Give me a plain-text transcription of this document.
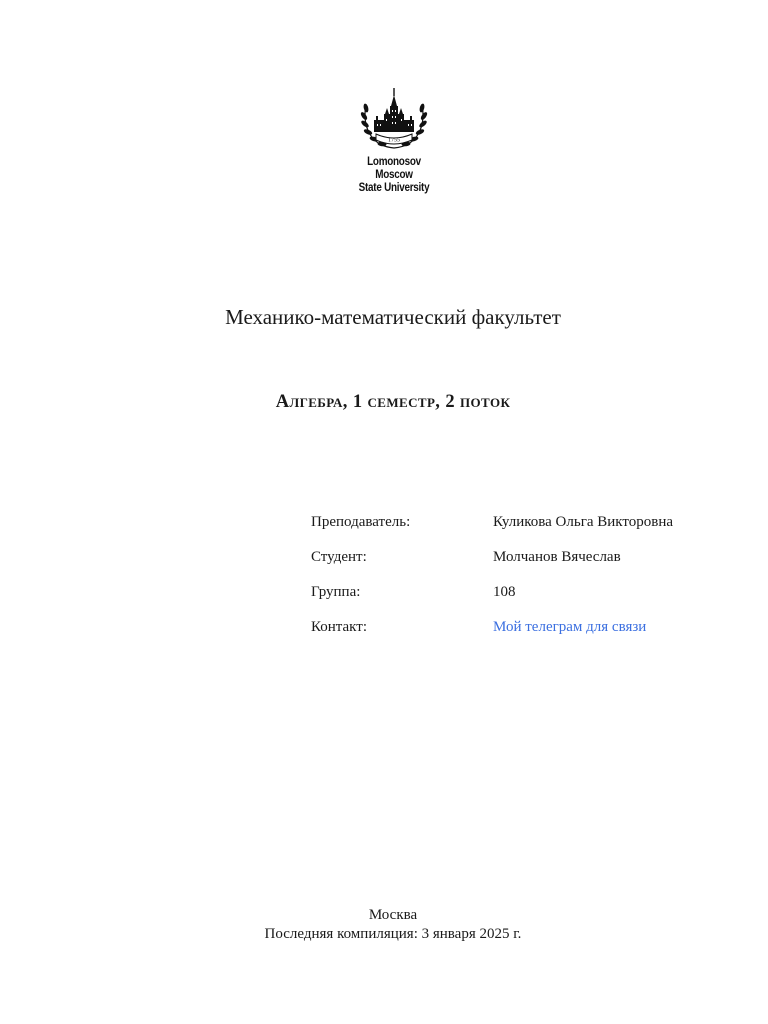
1755
Lomonosov Moscow
State University
Механико-математический факультет
Алгебра, 1 семестр, 2 поток
Преподаватель:	Куликова Ольга Викторовна
Студент:	Молчанов Вячеслав
Группа:	108
Контакт:	Мой телеграм для связи
Москва
Последняя компиляция: 3 января 2025 г.
